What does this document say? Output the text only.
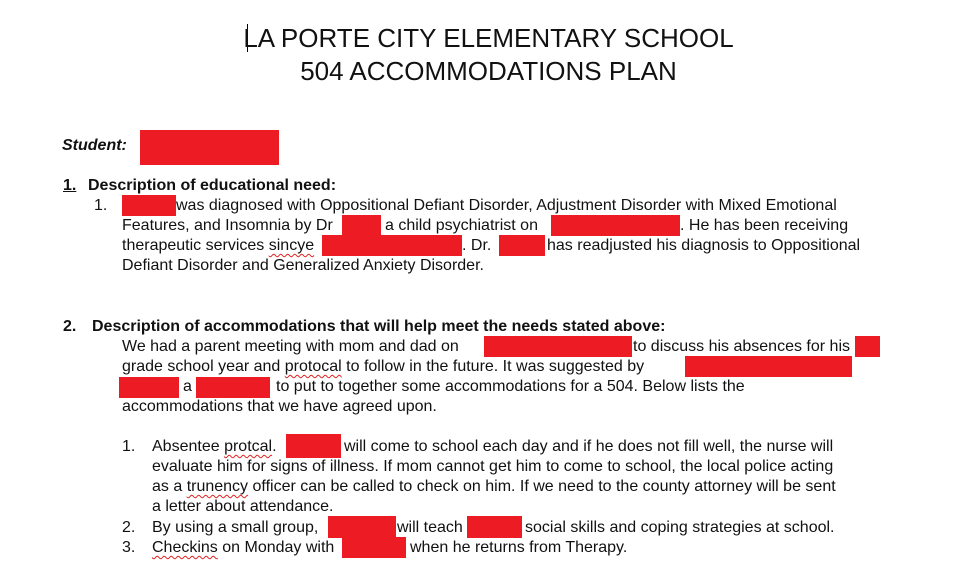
LA PORTE CITY ELEMENTARY SCHOOL
504 ACCOMMODATIONS PLAN
Student:
1. Description of educational need:
1.	was diagnosed with Oppositional Defiant Disorder, Adjustment Disorder with Mixed Emotional
Features, and Insomnia by Dr	a child psychiatrist on	. He has been receiving
therapeutic services sincye	. Dr.	has readjusted his diagnosis to Oppositional
Defiant Disorder and Generalized Anxiety Disorder.
2. Description of accommodations that will help meet the needs stated above:
We had a parent meeting with mom and dad on	to discuss his absences for his
grade school year and protocal to follow in the future. It was suggested by
a	to put to together some accommodations for a 504. Below lists the
accommodations that we have agreed upon.
1. Absentee protcal.	will come to school each day and if he does not fill well, the nurse will
evaluate him for signs of illness. If mom cannot get him to come to school, the local police acting
as a trunency officer can be called to check on him. If we need to the county attorney will be sent
a letter about attendance.
2. By using a small group,	will teach	social skills and coping strategies at school.
3. Checkins on Monday with	when he returns from Therapy.
